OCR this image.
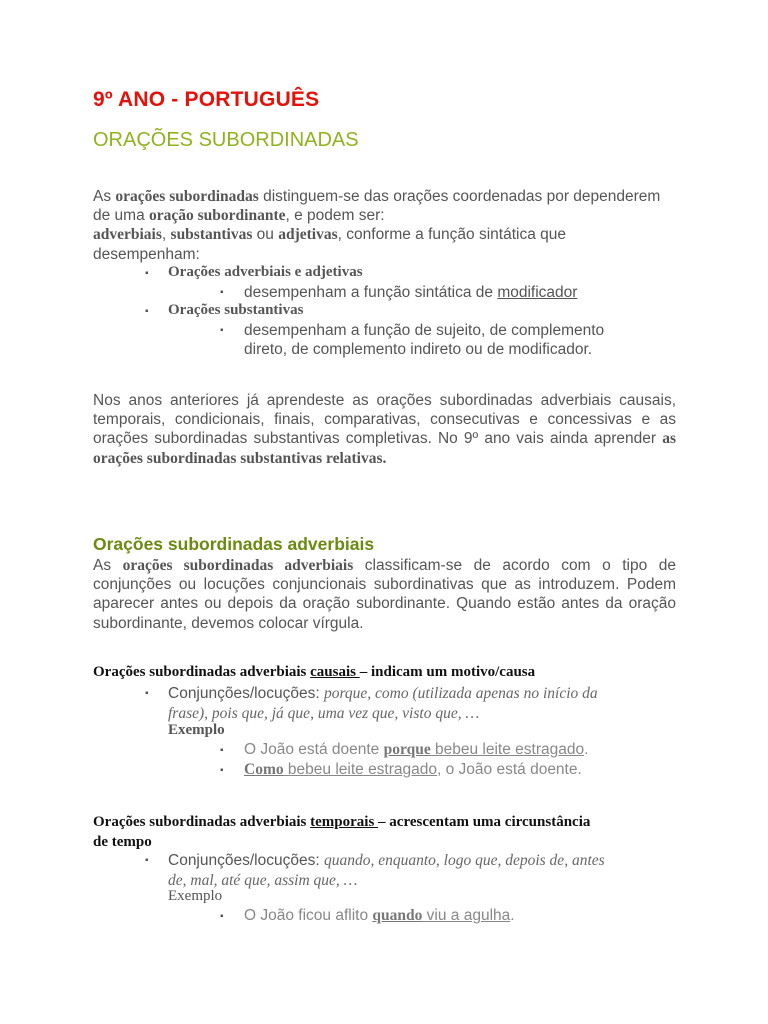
9º ANO - PORTUGUÊS
ORAÇÕES SUBORDINADAS

As orações subordinadas distinguem-se das orações coordenadas por dependerem de uma oração subordinante, e podem ser:
adverbiais, substantivas ou adjetivas, conforme a função sintática que desempenham:

▪ Orações adverbiais e adjetivas
▪ desempenham a função sintática de modificador
▪ Orações substantivas
▪ desempenham a função de sujeito, de complemento
direto, de complemento indireto ou de modificador.

Nos anos anteriores já aprendeste as orações subordinadas adverbiais causais, temporais, condicionais, finais, comparativas, consecutivas e concessivas e as orações subordinadas substantivas completivas. No 9º ano vais ainda aprender as orações subordinadas substantivas relativas.

Orações subordinadas adverbiais

As orações subordinadas adverbiais classificam-se de acordo com o tipo de conjunções ou locuções conjuncionais subordinativas que as introduzem. Podem aparecer antes ou depois da oração subordinante. Quando estão antes da oração subordinante, devemos colocar vírgula.

Orações subordinadas adverbiais causais – indicam um motivo/causa

▪ Conjunções/locuções: porque, como (utilizada apenas no início da
frase), pois que, já que, uma vez que, visto que, …
Exemplo
▪ O João está doente porque bebeu leite estragado.
▪ Como bebeu leite estragado, o João está doente.

Orações subordinadas adverbiais temporais – acrescentam uma circunstância
de tempo

▪ Conjunções/locuções: quando, enquanto, logo que, depois de, antes
de, mal, até que, assim que, …
Exemplo
▪ O João ficou aflito quando viu a agulha.
